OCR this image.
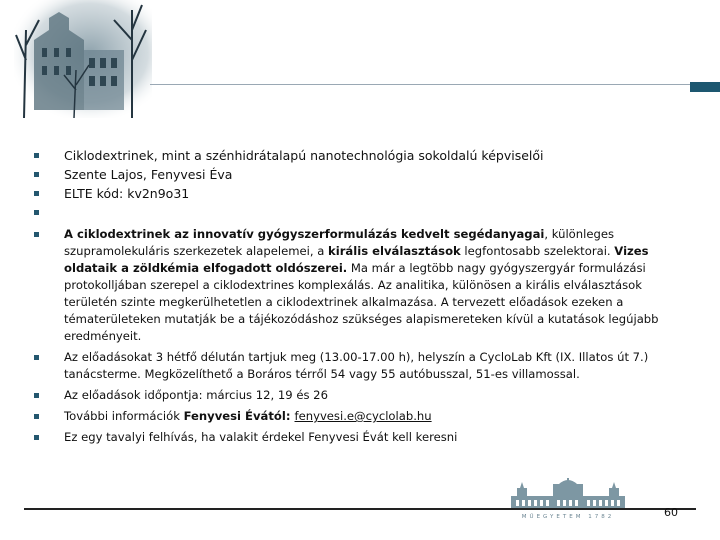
Ciklodextrinek, mint a szénhidrátalapú nanotechnológia sokoldalú képviselői
Szente Lajos, Fenyvesi Éva
ELTE kód: kv2n9o31
A ciklodextrinek az innovatív gyógyszerformulázás kedvelt segédanyagai, különleges szupramolekuláris szerkezetek alapelemei, a királis elválasztások legfontosabb szelektorai. Vizes oldataik a zöldkémia elfogadott oldószerei. Ma már a legtöbb nagy gyógyszergyár formulázási protokolljában szerepel a ciklodextrines komplexálás. Az analitika, különösen a királis elválasztások területén szinte megkerülhetetlen a ciklodextrinek alkalmazása. A tervezett előadások ezeken a tématerületeken mutatják be a tájékozódáshoz szükséges alapismereteken kívül a kutatások legújabb eredményeit.
Az előadásokat 3 hétfő délután tartjuk meg (13.00-17.00 h), helyszín a CycloLab Kft (IX. Illatos út 7.) tanácsterme. Megközelíthető a Boráros térről 54 vagy 55 autóbusszal, 51-es villamossal.
Az előadások időpontja: március 12, 19 és 26
További információk Fenyvesi Évától: fenyvesi.e@cyclolab.hu
Ez egy tavalyi felhívás, ha valakit érdekel Fenyvesi Évát kell keresni
MŰEGYETEM 1782	60
